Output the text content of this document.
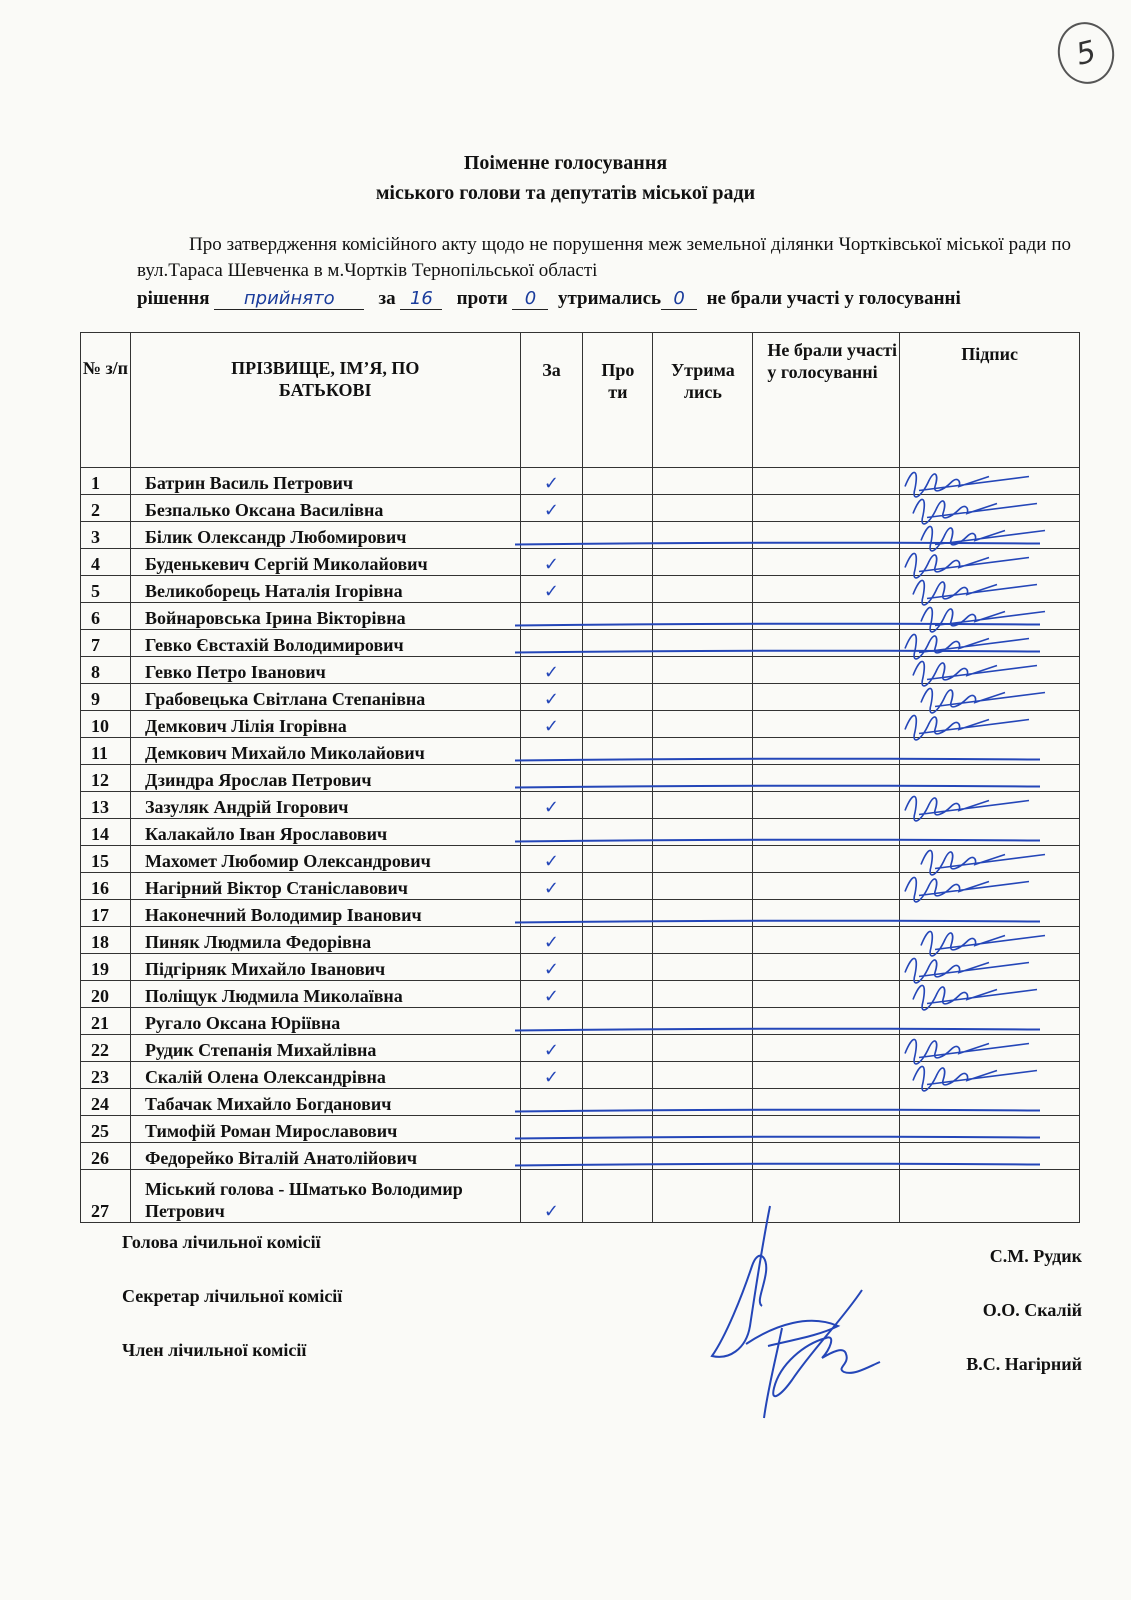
5
Поіменне голосування
міського голови та депутатів міської ради
Про затвердження комісійного акту щодо не порушення меж земельної ділянки Чортківської міської ради по вул.Тараса Шевченка в м.Чортків Тернопільської області
рішення прийнято за 16 проти 0 утримались 0 не брали участі у голосуванні
№ з/п	ПРІЗВИЩЕ, ІМ’Я, ПО БАТЬКОВІ	За	Про ти	Утрима лись	Не брали участі у голосуванні	Підпис
1	Батрин Василь Петрович	✓				
2	Безпалько Оксана Василівна	✓				
3	Білик Олександр Любомирович					
4	Буденькевич Сергій Миколайович	✓				
5	Великоборець Наталія Ігорівна	✓				
6	Войнаровська Ірина Вікторівна					
7	Гевко Євстахій Володимирович					
8	Гевко Петро Іванович	✓				
9	Грабовецька Світлана Степанівна	✓				
10	Демкович Лілія Ігорівна	✓				
11	Демкович Михайло Миколайович					
12	Дзиндра Ярослав Петрович					
13	Зазуляк Андрій Ігорович	✓				
14	Калакайло Іван Ярославович					
15	Махомет Любомир Олександрович	✓				
16	Нагірний Віктор Станіславович	✓				
17	Наконечний Володимир Іванович					
18	Пиняк Людмила Федорівна	✓				
19	Підгірняк Михайло Іванович	✓				
20	Поліщук Людмила Миколаївна	✓				
21	Ругало Оксана Юріївна					
22	Рудик Степанія Михайлівна	✓				
23	Скалій Олена Олександрівна	✓				
24	Табачак Михайло Богданович					
25	Тимофій Роман Мирославович					
26	Федорейко Віталій Анатолійович					
27	Міський голова - Шматько Володимир Петрович	✓				
Голова лічильної комісії
С.М. Рудик
Секретар лічильної комісії
О.О. Скалій
Член лічильної комісії
В.С. Нагірний
